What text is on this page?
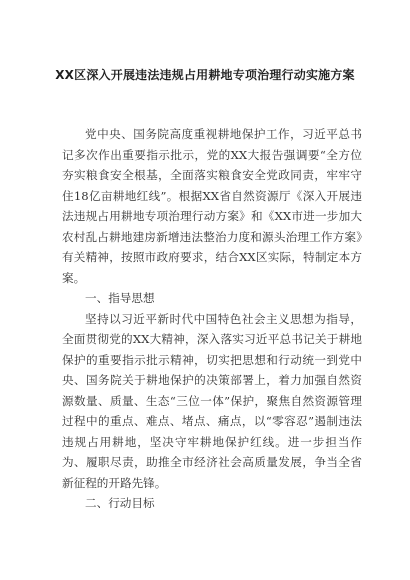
XX区深入开展违法违规占用耕地专项治理行动实施方案

党中央、国务院高度重视耕地保护工作，习近平总书记多次作出重要指示批示，党的XX大报告强调要“全方位夯实粮食安全根基，全面落实粮食安全党政同责，牢牢守住18亿亩耕地红线”。根据XX省自然资源厅《深入开展违法违规占用耕地专项治理行动方案》和《XX市进一步加大农村乱占耕地建房新增违法整治力度和源头治理工作方案》有关精神，按照市政府要求，结合XX区实际，特制定本方案。

一、指导思想

坚持以习近平新时代中国特色社会主义思想为指导，全面贯彻党的XX大精神，深入落实习近平总书记关于耕地保护的重要指示批示精神，切实把思想和行动统一到党中央、国务院关于耕地保护的决策部署上，着力加强自然资源数量、质量、生态“三位一体”保护，聚焦自然资源管理过程中的重点、难点、堵点、痛点，以“零容忍”遏制违法违规占用耕地，坚决守牢耕地保护红线。进一步担当作为、履职尽责，助推全市经济社会高质量发展，争当全省新征程的开路先锋。

二、行动目标
